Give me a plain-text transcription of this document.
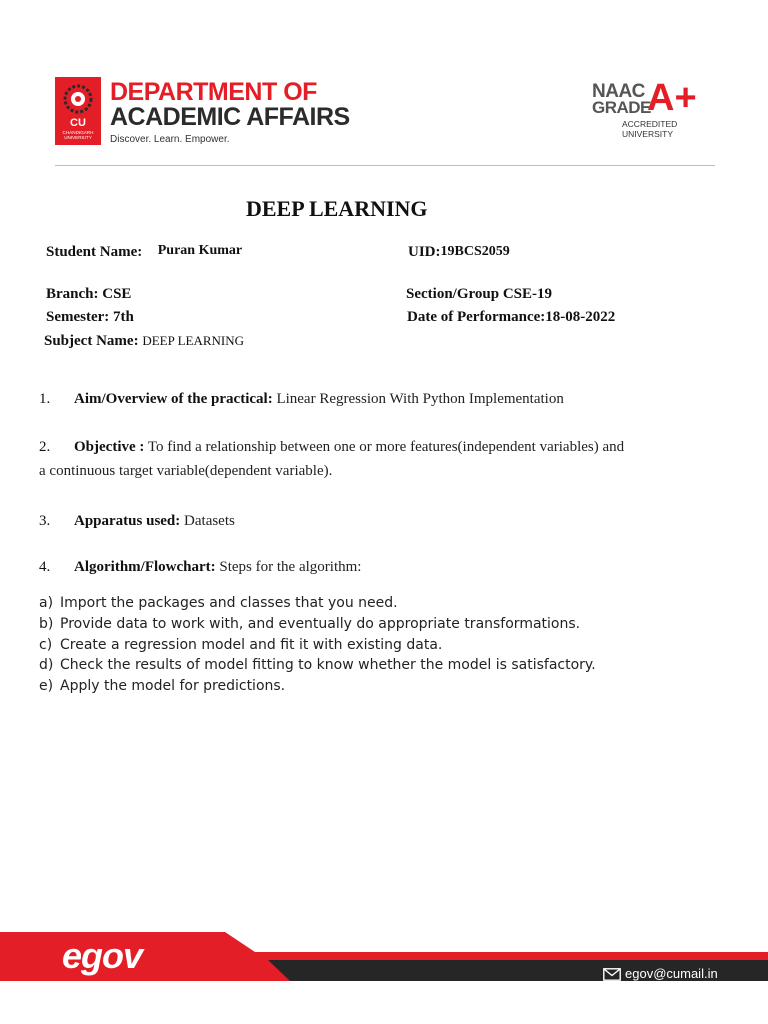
CU
CHANDIGARH UNIVERSITY
DEPARTMENT OF
ACADEMIC AFFAIRS
Discover. Learn. Empower.
NAAC
GRADE
A+
ACCREDITED UNIVERSITY
DEEP LEARNING
Student Name: Puran Kumar	UID:19BCS2059
Branch: CSE	Section/Group CSE-19
Semester: 7th	Date of Performance:18-08-2022
Subject Name: DEEP LEARNING
1. Aim/Overview of the practical: Linear Regression With Python Implementation
2. Objective : To find a relationship between one or more features(independent variables) and
a continuous target variable(dependent variable).
3. Apparatus used: Datasets
4. Algorithm/Flowchart: Steps for the algorithm:
a) Import the packages and classes that you need.
b) Provide data to work with, and eventually do appropriate transformations.
c) Create a regression model and fit it with existing data.
d) Check the results of model fitting to know whether the model is satisfactory.
e) Apply the model for predictions.
egov	egov@cumail.in
